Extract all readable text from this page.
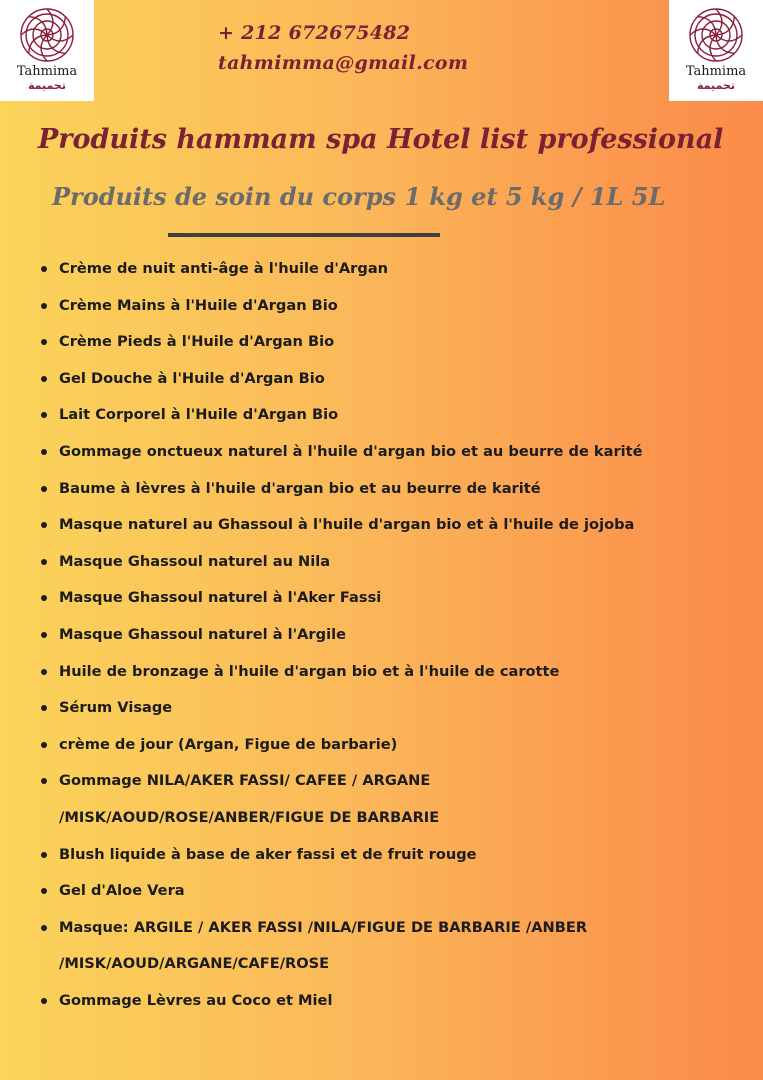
Tahmima
تحميمة
Tahmima
تحميمة
+ 212 672675482
tahmimma@gmail.com
Produits hammam spa Hotel list professional
Produits de soin du corps 1 kg et 5 kg / 1L 5L
Crème de nuit anti-âge à l'huile d'Argan
Crème Mains à l'Huile d'Argan Bio
Crème Pieds à l'Huile d'Argan Bio
Gel Douche à l'Huile d'Argan Bio
Lait Corporel à l'Huile d'Argan Bio
Gommage onctueux naturel à l'huile d'argan bio et au beurre de karité
Baume à lèvres à l'huile d'argan bio et au beurre de karité
Masque naturel au Ghassoul à l'huile d'argan bio et à l'huile de jojoba
Masque Ghassoul naturel au Nila
Masque Ghassoul naturel à l'Aker Fassi
Masque Ghassoul naturel à l'Argile
Huile de bronzage à l'huile d'argan bio et à l'huile de carotte
Sérum Visage
crème de jour (Argan, Figue de barbarie)
Gommage NILA/AKER FASSI/ CAFEE / ARGANE
/MISK/AOUD/ROSE/ANBER/FIGUE DE BARBARIE
Blush liquide à base de aker fassi et de fruit rouge
Gel d'Aloe Vera
Masque: ARGILE / AKER FASSI /NILA/FIGUE DE BARBARIE /ANBER
/MISK/AOUD/ARGANE/CAFE/ROSE
Gommage Lèvres au Coco et Miel
